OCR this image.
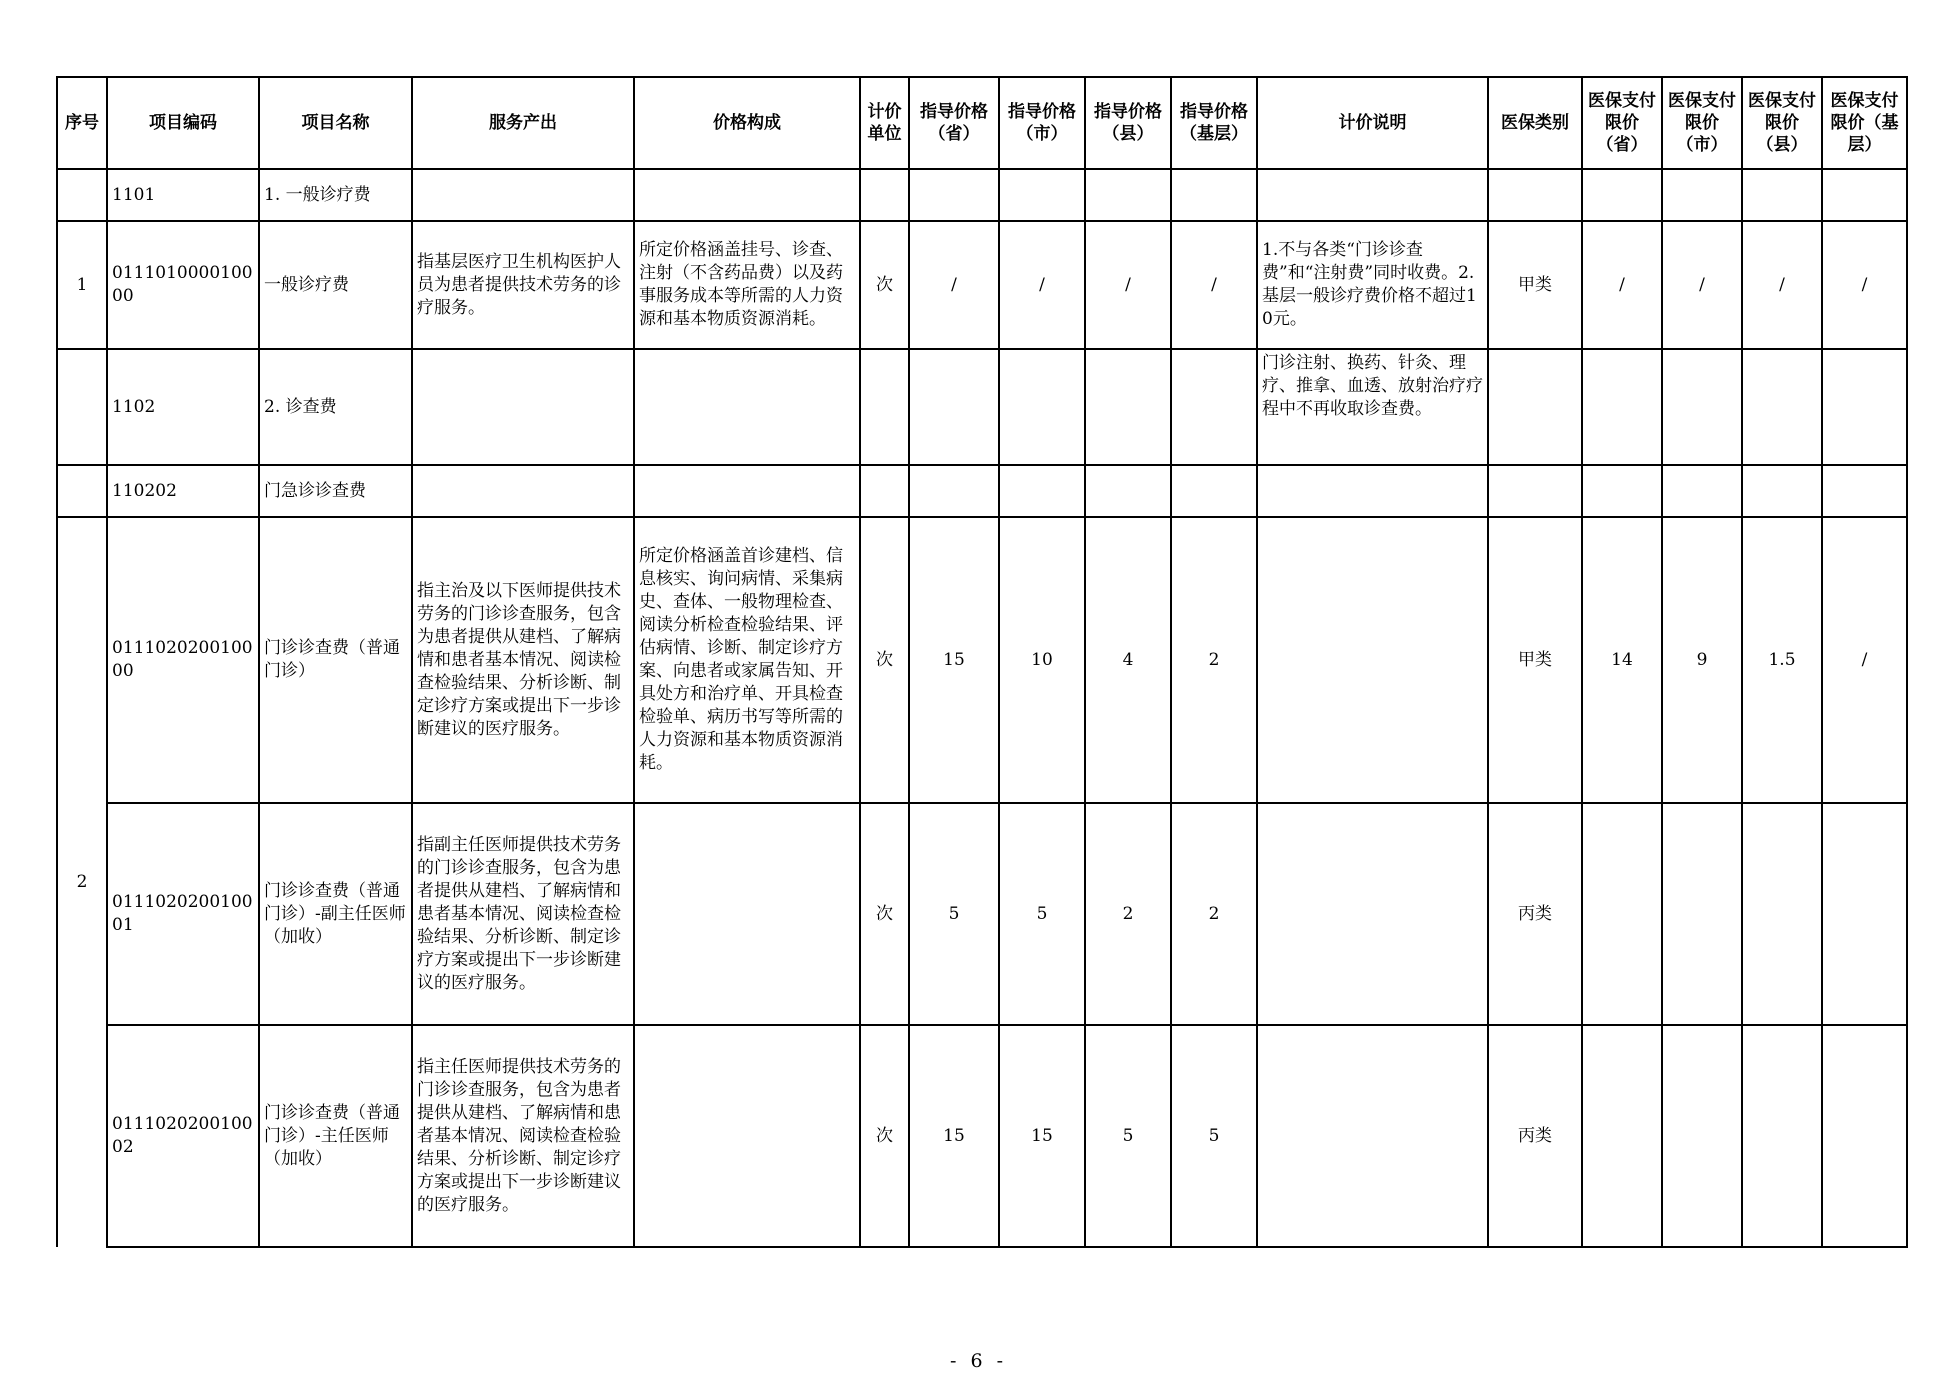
序号	项目编码	项目名称	服务产出	价格构成	计价单位	指导价格（省）	指导价格（市）	指导价格（县）	指导价格（基层）	计价说明	医保类别	医保支付限价（省）	医保支付限价（市）	医保支付限价（县）	医保支付限价（基层）
	1101	1. 一般诊疗费													
1	011101000010000	一般诊疗费	指基层医疗卫生机构医护人员为患者提供技术劳务的诊疗服务。	所定价格涵盖挂号、诊查、注射（不含药品费）以及药事服务成本等所需的人力资源和基本物质资源消耗。	次	/	/	/	/	1.不与各类“门诊诊查费”和“注射费”同时收费。2.基层一般诊疗费价格不超过10元。	甲类	/	/	/	/
	1102	2. 诊查费								门诊注射、换药、针灸、理疗、推拿、血透、放射治疗疗程中不再收取诊查费。					
	110202	门急诊诊查费													
2	011102020010000	门诊诊查费（普通门诊）	指主治及以下医师提供技术劳务的门诊诊查服务，包含为患者提供从建档、了解病情和患者基本情况、阅读检查检验结果、分析诊断、制定诊疗方案或提出下一步诊断建议的医疗服务。	所定价格涵盖首诊建档、信息核实、询问病情、采集病史、查体、一般物理检查、阅读分析检查检验结果、评估病情、诊断、制定诊疗方案、向患者或家属告知、开具处方和治疗单、开具检查检验单、病历书写等所需的人力资源和基本物质资源消耗。	次	15	10	4	2		甲类	14	9	1.5	/
	011102020010001	门诊诊查费（普通门诊）-副主任医师（加收）	指副主任医师提供技术劳务的门诊诊查服务，包含为患者提供从建档、了解病情和患者基本情况、阅读检查检验结果、分析诊断、制定诊疗方案或提出下一步诊断建议的医疗服务。		次	5	5	2	2		丙类				
	011102020010002	门诊诊查费（普通门诊）-主任医师（加收）	指主任医师提供技术劳务的门诊诊查服务，包含为患者提供从建档、了解病情和患者基本情况、阅读检查检验结果、分析诊断、制定诊疗方案或提出下一步诊断建议的医疗服务。		次	15	15	5	5		丙类				
- 6 -
